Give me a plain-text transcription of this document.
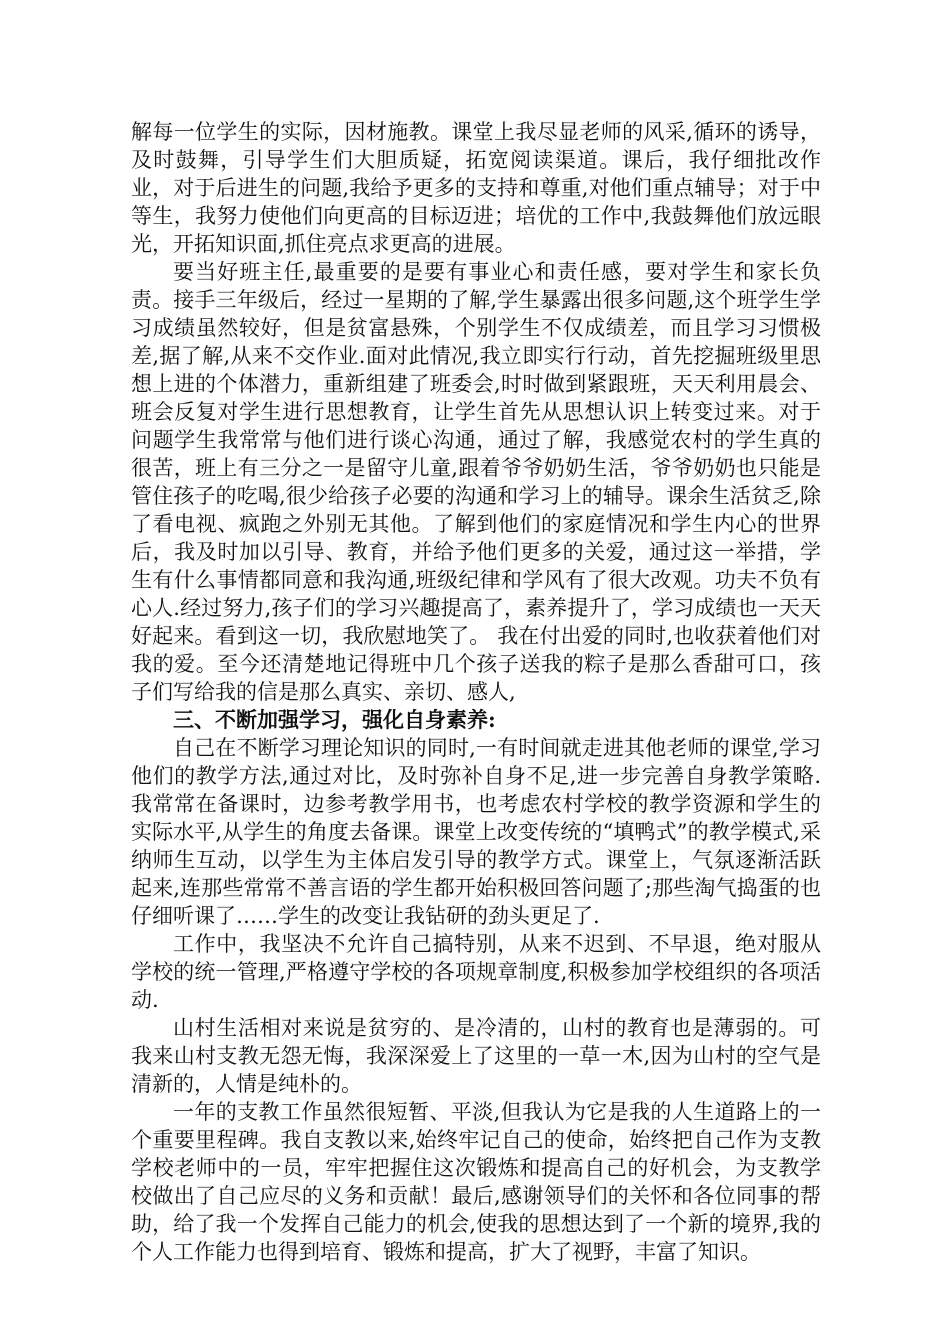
解每一位学生的实际，因材施教。课堂上我尽显老师的风采,循环的诱导，及时鼓舞，引导学生们大胆质疑，拓宽阅读渠道。课后，我仔细批改作业，对于后进生的问题,我给予更多的支持和尊重,对他们重点辅导；对于中等生，我努力使他们向更高的目标迈进；培优的工作中,我鼓舞他们放远眼光，开拓知识面,抓住亮点求更高的进展。

要当好班主任,最重要的是要有事业心和责任感，要对学生和家长负责。接手三年级后，经过一星期的了解,学生暴露出很多问题,这个班学生学习成绩虽然较好，但是贫富悬殊，个别学生不仅成绩差，而且学习习惯极差,据了解,从来不交作业.面对此情况,我立即实行行动，首先挖掘班级里思想上进的个体潜力，重新组建了班委会,时时做到紧跟班，天天利用晨会、班会反复对学生进行思想教育，让学生首先从思想认识上转变过来。对于问题学生我常常与他们进行谈心沟通，通过了解，我感觉农村的学生真的很苦，班上有三分之一是留守儿童,跟着爷爷奶奶生活，爷爷奶奶也只能是管住孩子的吃喝,很少给孩子必要的沟通和学习上的辅导。课余生活贫乏,除了看电视、疯跑之外别无其他。了解到他们的家庭情况和学生内心的世界后，我及时加以引导、教育，并给予他们更多的关爱，通过这一举措，学生有什么事情都同意和我沟通,班级纪律和学风有了很大改观。功夫不负有心人.经过努力,孩子们的学习兴趣提高了，素养提升了，学习成绩也一天天好起来。看到这一切，我欣慰地笑了。 我在付出爱的同时,也收获着他们对我的爱。至今还清楚地记得班中几个孩子送我的粽子是那么香甜可口，孩子们写给我的信是那么真实、亲切、感人,

三、不断加强学习，强化自身素养:

自己在不断学习理论知识的同时,一有时间就走进其他老师的课堂,学习他们的教学方法,通过对比，及时弥补自身不足,进一步完善自身教学策略.我常常在备课时，边参考教学用书，也考虑农村学校的教学资源和学生的实际水平,从学生的角度去备课。课堂上改变传统的“填鸭式”的教学模式,采纳师生互动，以学生为主体启发引导的教学方式。课堂上，气氛逐渐活跃起来,连那些常常不善言语的学生都开始积极回答问题了;那些淘气捣蛋的也仔细听课了……学生的改变让我钻研的劲头更足了.

工作中，我坚决不允许自己搞特别，从来不迟到、不早退，绝对服从学校的统一管理,严格遵守学校的各项规章制度,积极参加学校组织的各项活动.

山村生活相对来说是贫穷的、是冷清的，山村的教育也是薄弱的。可我来山村支教无怨无悔，我深深爱上了这里的一草一木,因为山村的空气是清新的，人情是纯朴的。

一年的支教工作虽然很短暂、平淡,但我认为它是我的人生道路上的一个重要里程碑。我自支教以来,始终牢记自己的使命，始终把自己作为支教学校老师中的一员，牢牢把握住这次锻炼和提高自己的好机会，为支教学校做出了自己应尽的义务和贡献！最后,感谢领导们的关怀和各位同事的帮助，给了我一个发挥自己能力的机会,使我的思想达到了一个新的境界,我的个人工作能力也得到培育、锻炼和提高，扩大了视野，丰富了知识。
